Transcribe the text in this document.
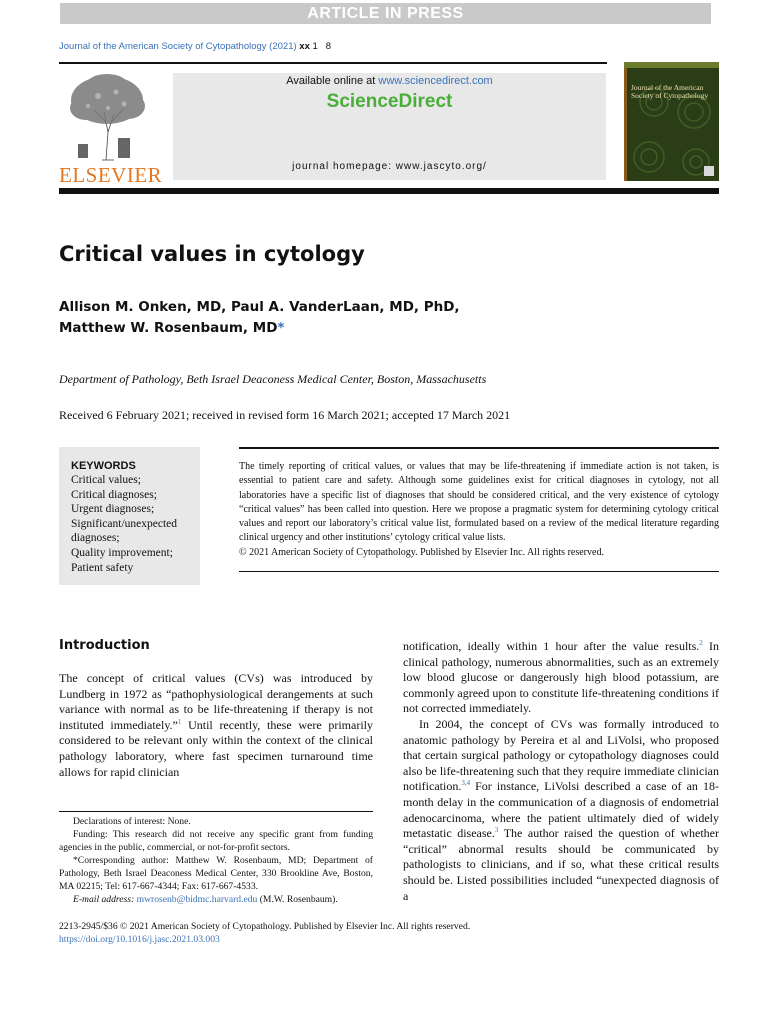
ARTICLE IN PRESS
Journal of the American Society of Cytopathology (2021) xx 1   8
ELSEVIER
Available online at www.sciencedirect.com
ScienceDirect
journal homepage: www.jascyto.org/
Journal of the American Society of Cytopathology
Critical values in cytology
Allison M. Onken, MD, Paul A. VanderLaan, MD, PhD,
Matthew W. Rosenbaum, MD*
Department of Pathology, Beth Israel Deaconess Medical Center, Boston, Massachusetts
Received 6 February 2021; received in revised form 16 March 2021; accepted 17 March 2021
KEYWORDS
Critical values;
Critical diagnoses;
Urgent diagnoses;
Significant/unexpected diagnoses;
Quality improvement;
Patient safety
The timely reporting of critical values, or values that may be life-threatening if immediate action is not taken, is essential to patient care and safety. Although some guidelines exist for critical diagnoses in cytology, not all laboratories have a specific list of diagnoses that should be considered critical, and the very existence of cytology “critical values” has been called into question. Here we propose a pragmatic system for determining cytology critical values and report our laboratory’s critical value list, formulated based on a review of the medical literature regarding clinical urgency and other institutions’ cytology critical value lists.
© 2021 American Society of Cytopathology. Published by Elsevier Inc. All rights reserved.
Introduction

The concept of critical values (CVs) was introduced by Lundberg in 1972 as “pathophysiological derangements at such variance with normal as to be life-threatening if therapy is not instituted immediately.”$^1$ Until recently, these were primarily considered to be relevant only within the context of the clinical pathology laboratory, where fast specimen turnaround time allows for rapid clinician

notification, ideally within 1 hour after the value results.$^2$ In clinical pathology, numerous abnormalities, such as an extremely low blood glucose or dangerously high blood potassium, are commonly agreed upon to constitute life-threatening conditions if not corrected immediately.

In 2004, the concept of CVs was formally introduced to anatomic pathology by Pereira et al and LiVolsi, who proposed that certain surgical pathology or cytopathology diagnoses could also be life-threatening such that they require immediate clinician notification.$^{3,4}$ For instance, LiVolsi described a case of an 18-month delay in the communication of a diagnosis of endometrial adenocarcinoma, where the patient ultimately died of widely metastatic disease.$^3$ The author raised the question of whether “critical” abnormal results should be communicated by pathologists to clinicians, and if so, what these critical results should be. Listed possibilities included “unexpected diagnosis of a

Declarations of interest: None.

Funding: This research did not receive any specific grant from funding agencies in the public, commercial, or not-for-profit sectors.

*Corresponding author: Matthew W. Rosenbaum, MD; Department of Pathology, Beth Israel Deaconess Medical Center, 330 Brookline Ave, Boston, MA 02215; Tel: 617-667-4344; Fax: 617-667-4533.

E-mail address: mwrosenb@bidmc.harvard.edu (M.W. Rosenbaum).

2213-2945/$36 © 2021 American Society of Cytopathology. Published by Elsevier Inc. All rights reserved.
https://doi.org/10.1016/j.jasc.2021.03.003
